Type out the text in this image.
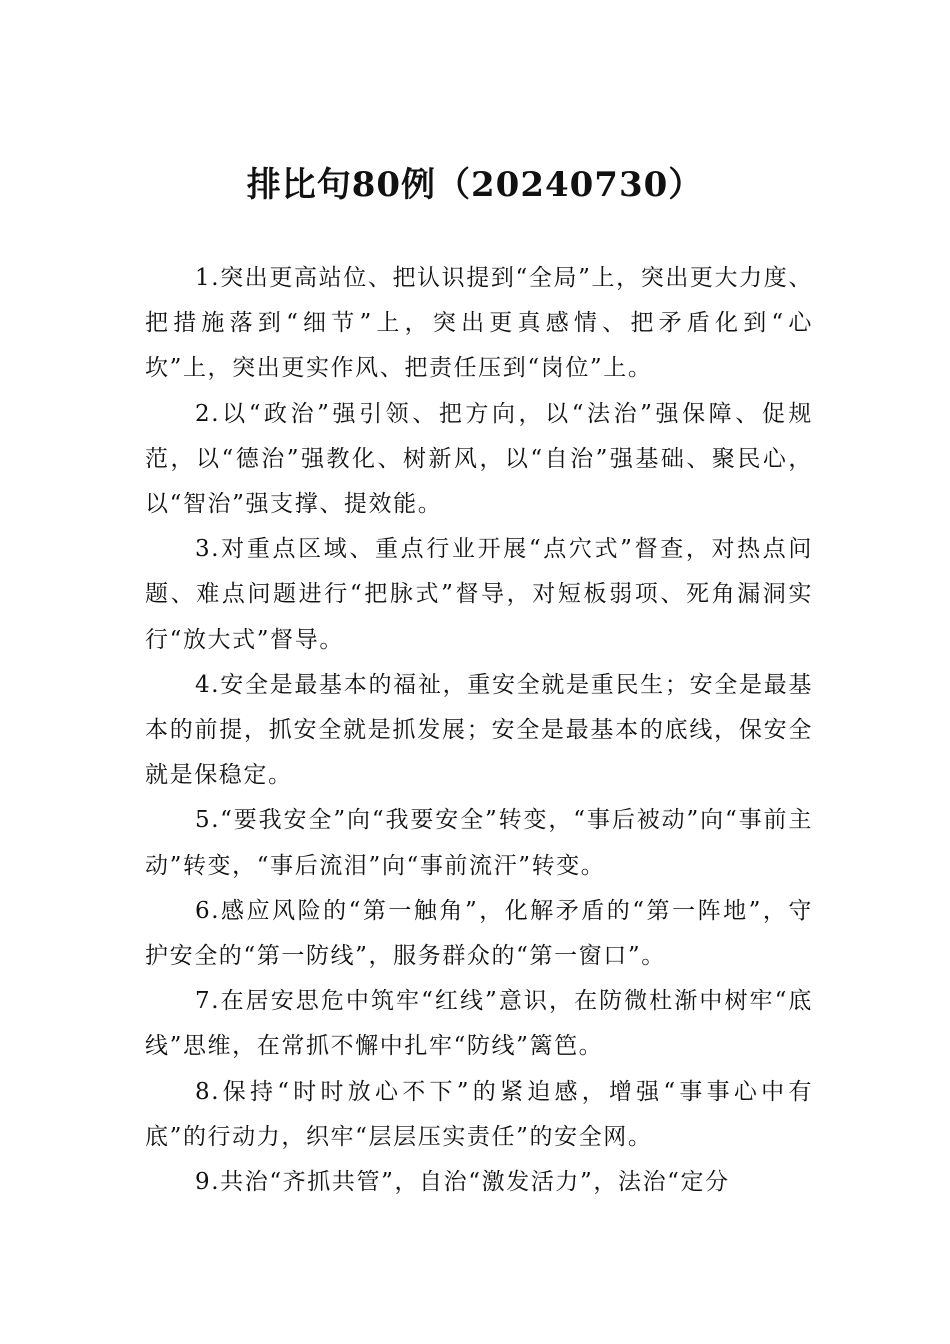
排比句80例（20240730）

1.突出更高站位、把认识提到“全局”上，突出更大力度、把措施落到“细节”上，突出更真感情、把矛盾化到“心坎”上，突出更实作风、把责任压到“岗位”上。

2.以“政治”强引领、把方向，以“法治”强保障、促规范，以“德治”强教化、树新风，以“自治”强基础、聚民心，以“智治”强支撑、提效能。

3.对重点区域、重点行业开展“点穴式”督查，对热点问题、难点问题进行“把脉式”督导，对短板弱项、死角漏洞实行“放大式”督导。

4.安全是最基本的福祉，重安全就是重民生；安全是最基本的前提，抓安全就是抓发展；安全是最基本的底线，保安全就是保稳定。

5.“要我安全”向“我要安全”转变，“事后被动”向“事前主动”转变，“事后流泪”向“事前流汗”转变。

6.感应风险的“第一触角”，化解矛盾的“第一阵地”，守护安全的“第一防线”，服务群众的“第一窗口”。

7.在居安思危中筑牢“红线”意识，在防微杜渐中树牢“底线”思维，在常抓不懈中扎牢“防线”篱笆。

8.保持“时时放心不下”的紧迫感，增强“事事心中有底”的行动力，织牢“层层压实责任”的安全网。

9.共治“齐抓共管”，自治“激发活力”，法治“定分
